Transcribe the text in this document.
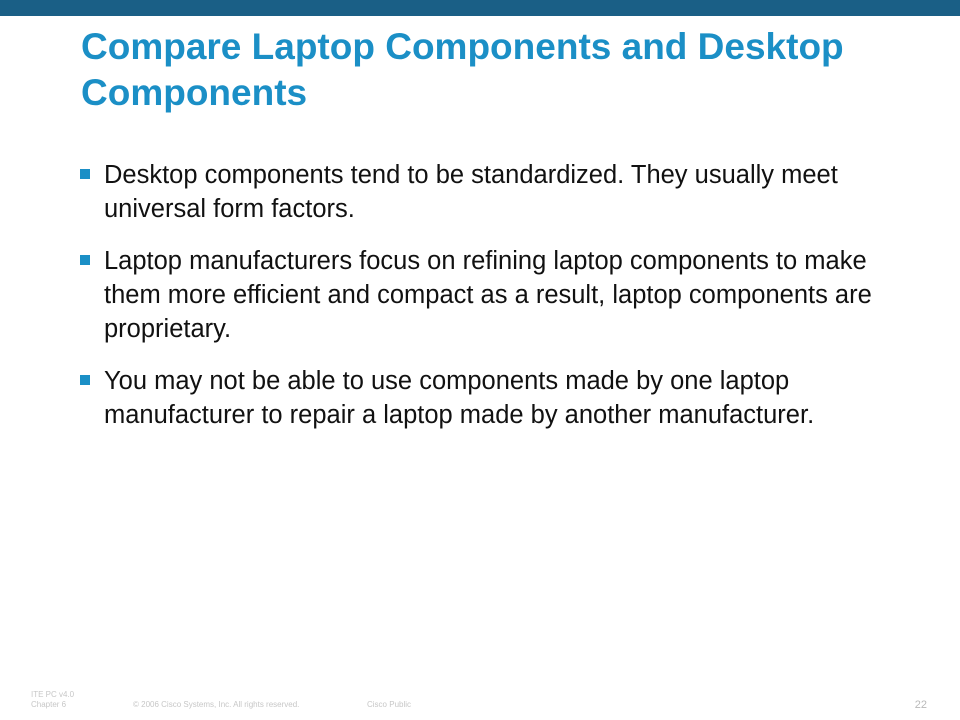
Compare Laptop Components and Desktop Components
Desktop components tend to be standardized. They usually meet universal form factors.
Laptop manufacturers focus on refining laptop components to make them more efficient and compact as a result, laptop components are proprietary.
You may not be able to use components made by one laptop manufacturer to repair a laptop made by another manufacturer.
ITE PC v4.0
Chapter 6	© 2006 Cisco Systems, Inc. All rights reserved.	Cisco Public	22
